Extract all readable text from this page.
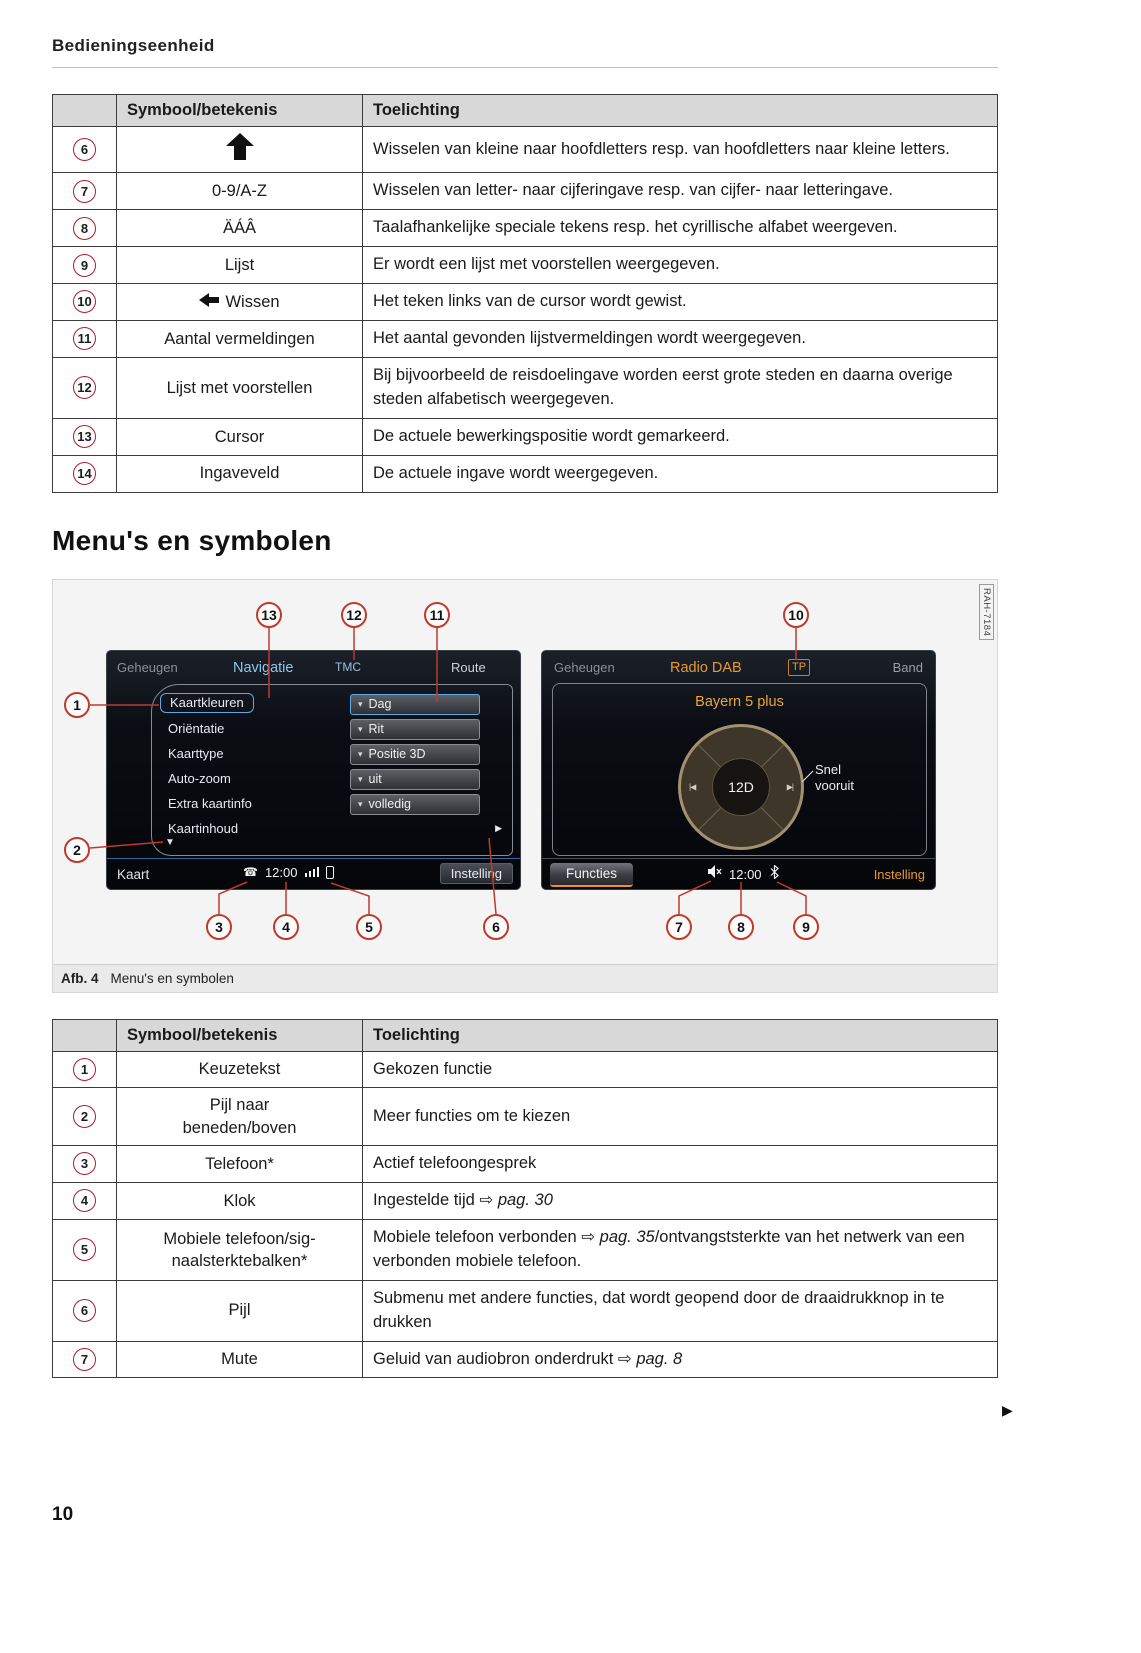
Bedieningseenheid
	Symbool/betekenis	Toelichting
6		Wisselen van kleine naar hoofdletters resp. van hoofdletters naar kleine letters.
7	0-9/A-Z	Wisselen van letter- naar cijferingave resp. van cijfer- naar letteringave.
8	ÄÁÂ	Taalafhankelijke speciale tekens resp. het cyrillische alfabet weergeven.
9	Lijst	Er wordt een lijst met voorstellen weergegeven.
10	Wissen	Het teken links van de cursor wordt gewist.
11	Aantal vermeldingen	Het aantal gevonden lijstvermeldingen wordt weergegeven.
12	Lijst met voorstellen	Bij bijvoorbeeld de reisdoelingave worden eerst grote steden en daarna overige steden alfabetisch weergegeven.
13	Cursor	De actuele bewerkingspositie wordt gemarkeerd.
14	Ingaveveld	De actuele ingave wordt weergegeven.
Menu's en symbolen
Geheugen	Navigatie	TMC	Route
Kaartkleuren	▾ Dag
Oriëntatie	▾ Rit
Kaarttype	▾ Positie 3D
Auto-zoom	▾ uit
Extra kaartinfo	▾ volledig
Kaartinhoud
▶
▼
Kaart ☎	12:00	Instelling
Geheugen	Radio DAB	TP	Band
Bayern 5 plus
|◀
▶|
12D
Snel vooruit
Functies	12:00	Instelling
1
2
3	4	5	6	7	8	9
10
11
12
13	RAH-7184
Afb. 4 Menu's en symbolen
	Symbool/betekenis	Toelichting
1	Keuzetekst	Gekozen functie
2	Pijl naar beneden/boven	Meer functies om te kiezen
3	Telefoon*	Actief telefoongesprek
4	Klok	Ingestelde tijd ⇨ pag. 30
5	Mobiele telefoon/sig-naalsterktebalken*	Mobiele telefoon verbonden ⇨ pag. 35/ontvangststerkte van het netwerk van een verbonden mobiele telefoon.
6	Pijl	Submenu met andere functies, dat wordt geopend door de draaidrukknop in te drukken
7	Mute	Geluid van audiobron onderdrukt ⇨ pag. 8
▶
10
